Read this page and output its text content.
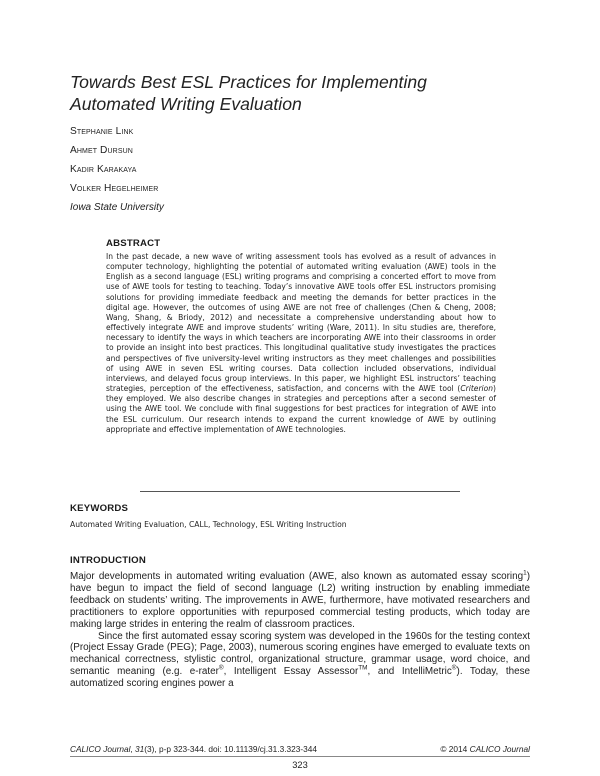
Towards Best ESL Practices for Implementing
Automated Writing Evaluation
Stephanie Link
Ahmet Dursun
Kadir Karakaya
Volker Hegelheimer
Iowa State University
ABSTRACT
In the past decade, a new wave of writing assessment tools has evolved as a result of advances in computer technology, highlighting the potential of automated writing evaluation (AWE) tools in the English as a second language (ESL) writing programs and comprising a concerted effort to move from use of AWE tools for testing to teaching. Today’s innovative AWE tools offer ESL instructors promising solutions for providing immediate feedback and meeting the demands for better practices in the digital age. However, the outcomes of using AWE are not free of challenges (Chen & Cheng, 2008; Wang, Shang, & Briody, 2012) and necessitate a comprehensive understanding about how to effectively integrate AWE and improve students’ writing (Ware, 2011). In situ studies are, therefore, necessary to identify the ways in which teachers are incorporating AWE into their classrooms in order to provide an insight into best practices. This longitudinal qualitative study investigates the practices and perspectives of five university-level writing instructors as they meet challenges and possibilities of using AWE in seven ESL writing courses. Data collection included observations, individual interviews, and delayed focus group interviews. In this paper, we highlight ESL instructors’ teaching strategies, perception of the effectiveness, satisfaction, and concerns with the AWE tool (Criterion) they employed. We also describe changes in strategies and perceptions after a second semester of using the AWE tool. We conclude with final suggestions for best practices for integration of AWE into the ESL curriculum. Our research intends to expand the current knowledge of AWE by outlining appropriate and effective implementation of AWE technologies.
KEYWORDS
Automated Writing Evaluation, CALL, Technology, ESL Writing Instruction
INTRODUCTION

Major developments in automated writing evaluation (AWE, also known as automated essay scoring$^1$) have begun to impact the field of second language (L2) writing instruction by enabling immediate feedback on students’ writing. The improvements in AWE, furthermore, have motivated researchers and practitioners to explore opportunities with repurposed commercial testing products, which today are making large strides in entering the realm of classroom practices.

Since the first automated essay scoring system was developed in the 1960s for the testing context (Project Essay Grade (PEG); Page, 2003), numerous scoring engines have emerged to evaluate texts on mechanical correctness, stylistic control, organizational structure, grammar usage, word choice, and semantic meaning (e.g. e-rater®, Intelligent Essay Assessor™, and IntelliMetric®). Today, these automatized scoring engines power a

CALICO Journal, 31(3), p-p 323-344. doi: 10.11139/cj.31.3.323-344	© 2014 CALICO Journal
323
